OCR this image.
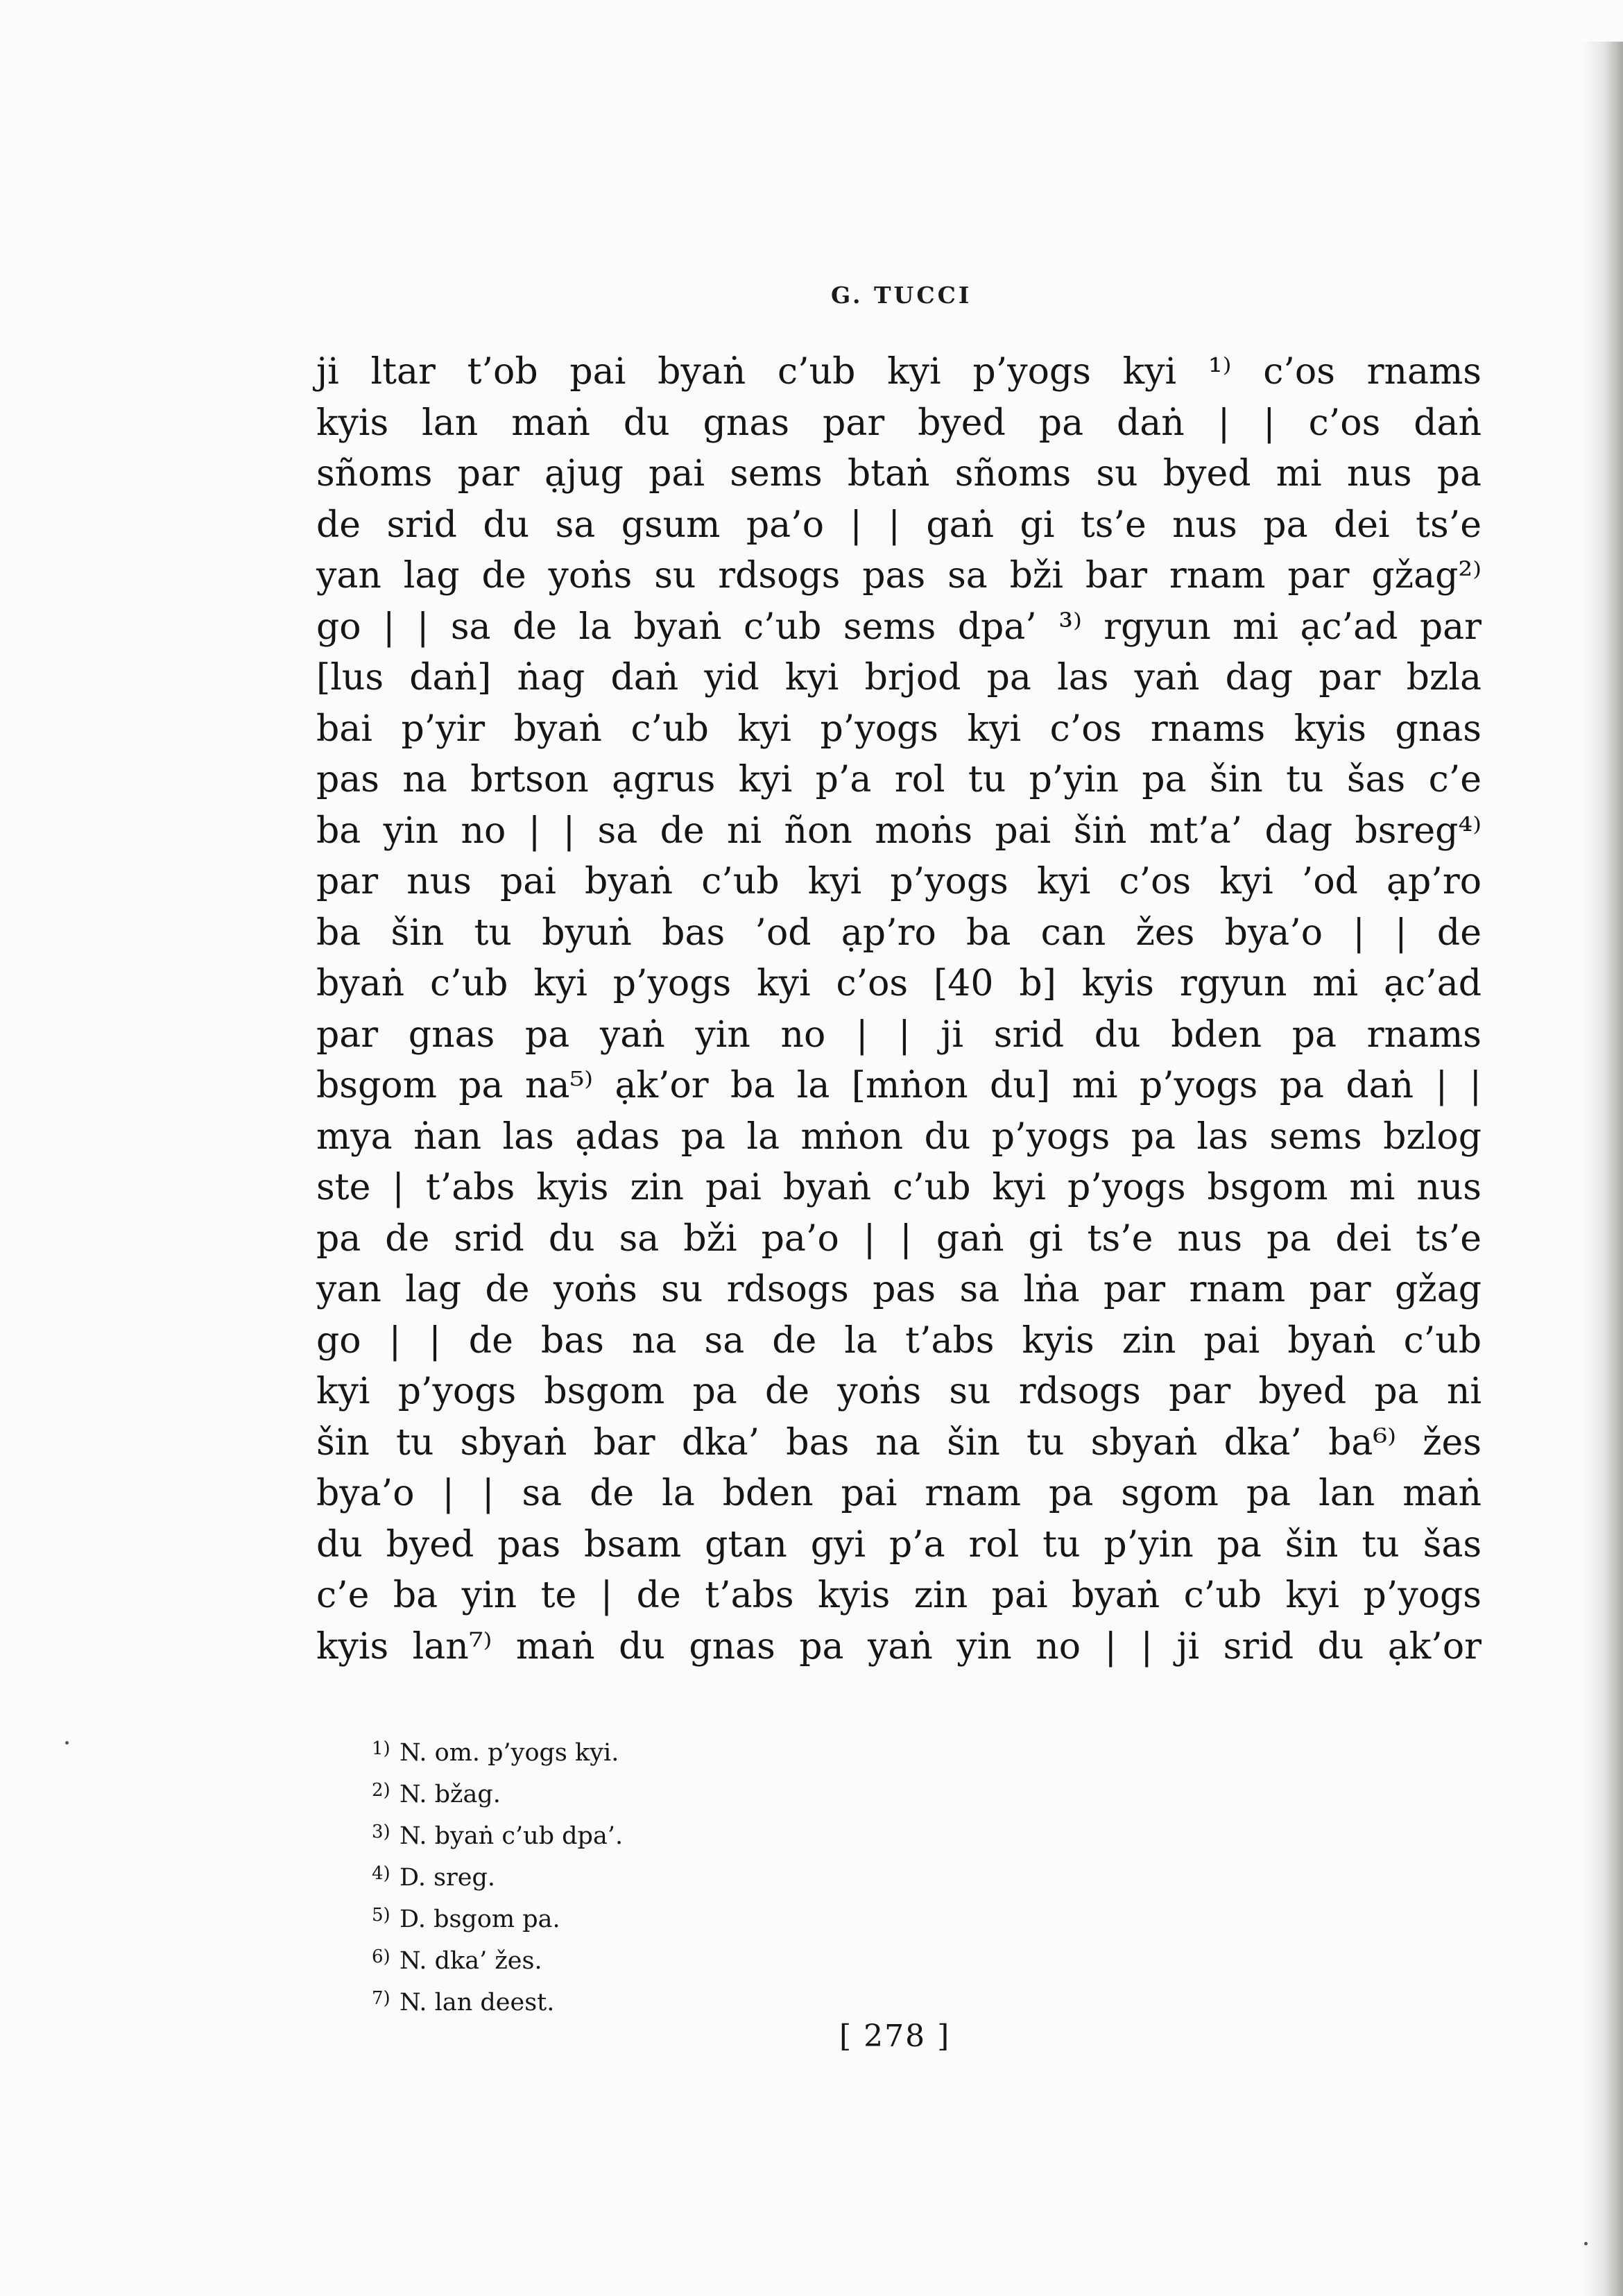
G. TUCCI
ji ltar t’ob pai byaṅ c’ub kyi p’yogs kyi ¹⁾ c’os rnams
kyis lan maṅ du gnas par byed pa daṅ | | c’os daṅ
sñoms par ạjug pai sems btaṅ sñoms su byed mi nus pa
de srid du sa gsum pa’o | | gaṅ gi ts’e nus pa dei ts’e
yan lag de yoṅs su rdsogs pas sa bži bar rnam par gžag²⁾
go | | sa de la byaṅ c’ub sems dpa’ ³⁾ rgyun mi ạc’ad par
[lus daṅ] ṅag daṅ yid kyi brjod pa las yaṅ dag par bzla
bai p’yir byaṅ c’ub kyi p’yogs kyi c’os rnams kyis gnas
pas na brtson ạgrus kyi p’a rol tu p’yin pa šin tu šas c’e
ba yin no | | sa de ni ñon moṅs pai šiṅ mt’a’ dag bsreg⁴⁾
par nus pai byaṅ c’ub kyi p’yogs kyi c’os kyi ’od ạp’ro
ba šin tu byuṅ bas ’od ạp’ro ba can žes bya’o | | de
byaṅ c’ub kyi p’yogs kyi c’os [40 b] kyis rgyun mi ạc’ad
par gnas pa yaṅ yin no | | ji srid du bden pa rnams
bsgom pa na⁵⁾ ạk’or ba la [mṅon du] mi p’yogs pa daṅ | |
mya ṅan las ạdas pa la mṅon du p’yogs pa las sems bzlog
ste | t’abs kyis zin pai byaṅ c’ub kyi p’yogs bsgom mi nus
pa de srid du sa bži pa’o | | gaṅ gi ts’e nus pa dei ts’e
yan lag de yoṅs su rdsogs pas sa lṅa par rnam par gžag
go | | de bas na sa de la t’abs kyis zin pai byaṅ c’ub
kyi p’yogs bsgom pa de yoṅs su rdsogs par byed pa ni
šin tu sbyaṅ bar dka’ bas na šin tu sbyaṅ dka’ ba⁶⁾ žes
bya’o | | sa de la bden pai rnam pa sgom pa lan maṅ
du byed pas bsam gtan gyi p’a rol tu p’yin pa šin tu šas
c’e ba yin te | de t’abs kyis zin pai byaṅ c’ub kyi p’yogs
kyis lan⁷⁾ maṅ du gnas pa yaṅ yin no | | ji srid du ạk’or
1) N. om. p’yogs kyi.
2) N. bžag.
3) N. byaṅ c’ub dpa’.
4) D. sreg.
5) D. bsgom pa.
6) N. dka’ žes.
7) N. lan deest.
[ 278 ]
